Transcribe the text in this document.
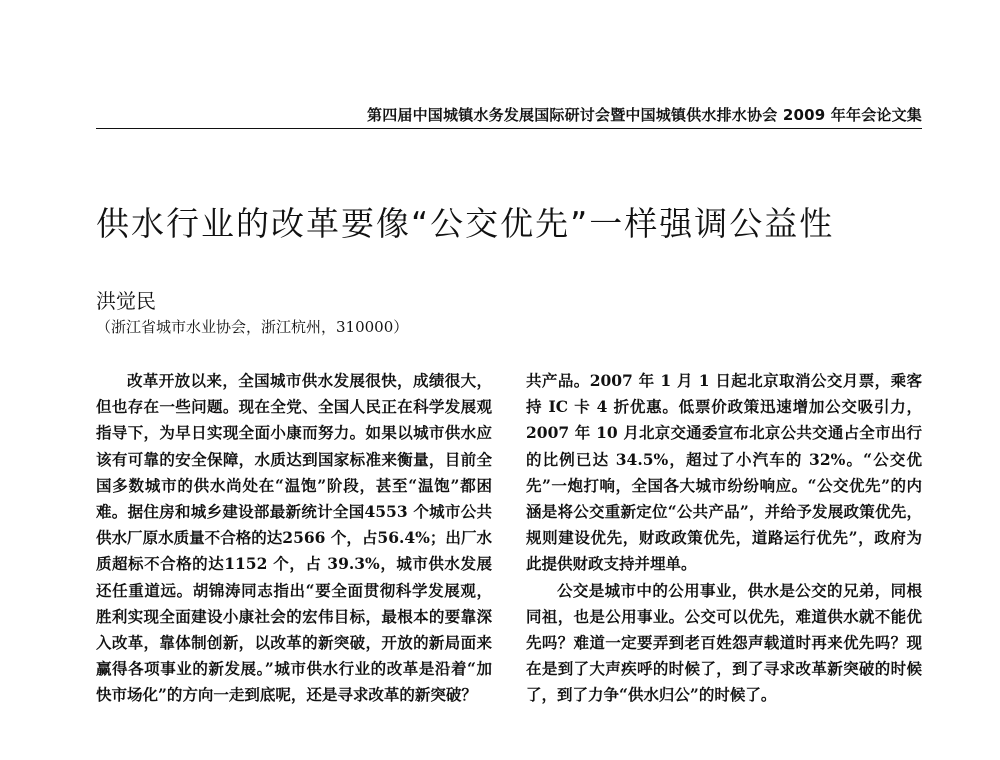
第四届中国城镇水务发展国际研讨会暨中国城镇供水排水协会 2009 年年会论文集
供水行业的改革要像“公交优先”一样强调公益性
洪觉民
（浙江省城市水业协会，浙江杭州，310000）

改革开放以来，全国城市供水发展很快，成绩很大，但也存在一些问题。现在全党、全国人民正在科学发展观指导下，为早日实现全面小康而努力。如果以城市供水应该有可靠的安全保障，水质达到国家标准来衡量，目前全国多数城市的供水尚处在“温饱”阶段，甚至“温饱”都困难。据住房和城乡建设部最新统计全国4553 个城市公共供水厂原水质量不合格的达2566 个，占56.4%；出厂水质超标不合格的达1152 个，占 39.3%，城市供水发展还任重道远。胡锦涛同志指出“要全面贯彻科学发展观，胜利实现全面建设小康社会的宏伟目标，最根本的要靠深入改革，靠体制创新，以改革的新突破，开放的新局面来赢得各项事业的新发展。”城市供水行业的改革是沿着“加快市场化”的方向一走到底呢，还是寻求改革的新突破？

共产品。2007 年 1 月 1 日起北京取消公交月票，乘客持 IC 卡 4 折优惠。低票价政策迅速增加公交吸引力，2007 年 10 月北京交通委宣布北京公共交通占全市出行的比例已达 34.5%，超过了小汽车的 32%。“公交优先”一炮打响，全国各大城市纷纷响应。“公交优先”的内涵是将公交重新定位“公共产品”，并给予发展政策优先，规则建设优先，财政政策优先，道路运行优先”，政府为此提供财政支持并埋单。

公交是城市中的公用事业，供水是公交的兄弟，同根同祖，也是公用事业。公交可以优先，难道供水就不能优先吗？难道一定要弄到老百姓怨声载道时再来优先吗？现在是到了大声疾呼的时候了，到了寻求改革新突破的时候了，到了力争“供水归公”的时候了。
